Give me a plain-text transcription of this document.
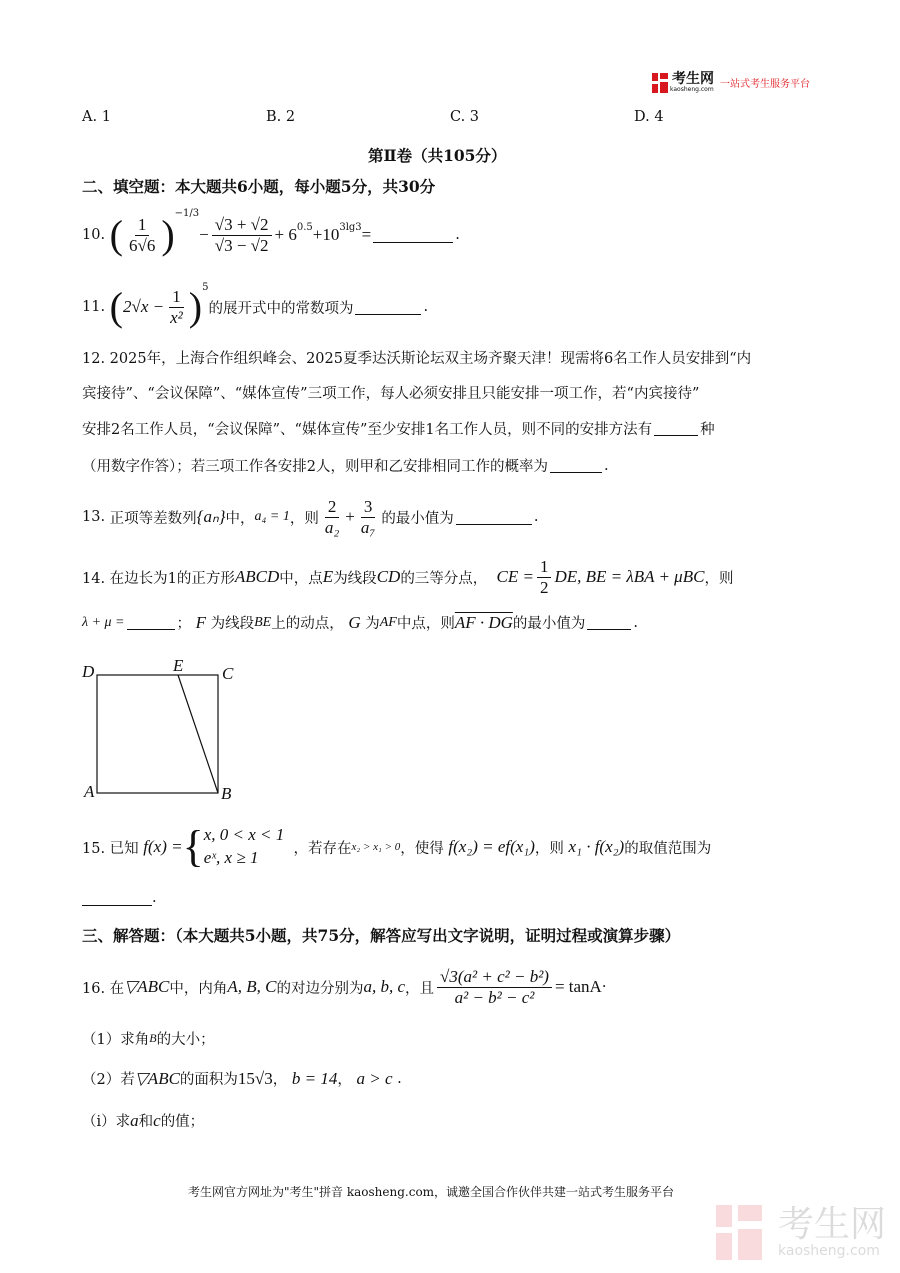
考生网
kaosheng.com 一站式考生服务平台
A. 1	B. 2	C. 3	D. 4
第Ⅱ卷（共105分）
二、填空题：本大题共6小题，每小题5分，共30分
10.
( $\frac{1}{6√6} )^{-1/3}$
− $\frac{√3 + √2}{√3 - √2} + 6^{0.5} +10^{3lg3}$ =	.
11.
( $2√x - \frac{1}{\text{x²}} )^5$
的展开式中的常数项为	.
12. 2025年，上海合作组织峰会、2025夏季达沃斯论坛双主场齐聚天津！现需将6名工作人员安排到“内
宾接待”、“会议保障”、“媒体宣传”三项工作，每人必须安排且只能安排一项工作，若“内宾接待”
安排2名工作人员，“会议保障”、“媒体宣传”至少安排1名工作人员，则不同的安排方法有	种
（用数字作答）；若三项工作各安排2人，则甲和乙安排相同工作的概率为	.
13.
正项等差数列 {aₙ} 中， a₄ = 1 ，则 $\frac{2}{\text{a₂}} + \frac{3}{\text{a₇}}$ 的最小值为	.
14. 在边长为1的正方形 ABCD 中，点 E 为线段 CD 的三等分点，
CE = $\frac{1}{2}$ DE, BE = λBA + μBC ，则
λ + μ =	；
F
为线段 BE 上的动点，
G
为 AF 中点，则 AF · DG 的最小值为	.
D	E C
A	B
15. 已知
f(x) = { x, 0 < x < 1
eˣ, x ≥ 1
	，若存在 x₂ > x₁ > 0 ，使得
f(x₂) = ef(x₁) ，则
x₁ · f(x₂) 的取值范围为
.
三、解答题：（本大题共5小题，共75分，解答应写出文字说明，证明过程或演算步骤）
16. 在 ▽ABC 中，内角 A, B, C 的对边分别为 a, b, c ，且 $\frac{\text{√3(a² + c² − b²)}}{\text{a² − b² − c²}} = \tan A$ ·
（1）求角 B 的大小；
（2）若 ▽ABC 的面积为 15√3 ，
b = 14 ，
a > c
.
（i）求 a 和 c 的值；
考生网官方网址为"考生"拼音 kaosheng.com，诚邀全国合作伙伴共建一站式考生服务平台
考生网
kaosheng.com
